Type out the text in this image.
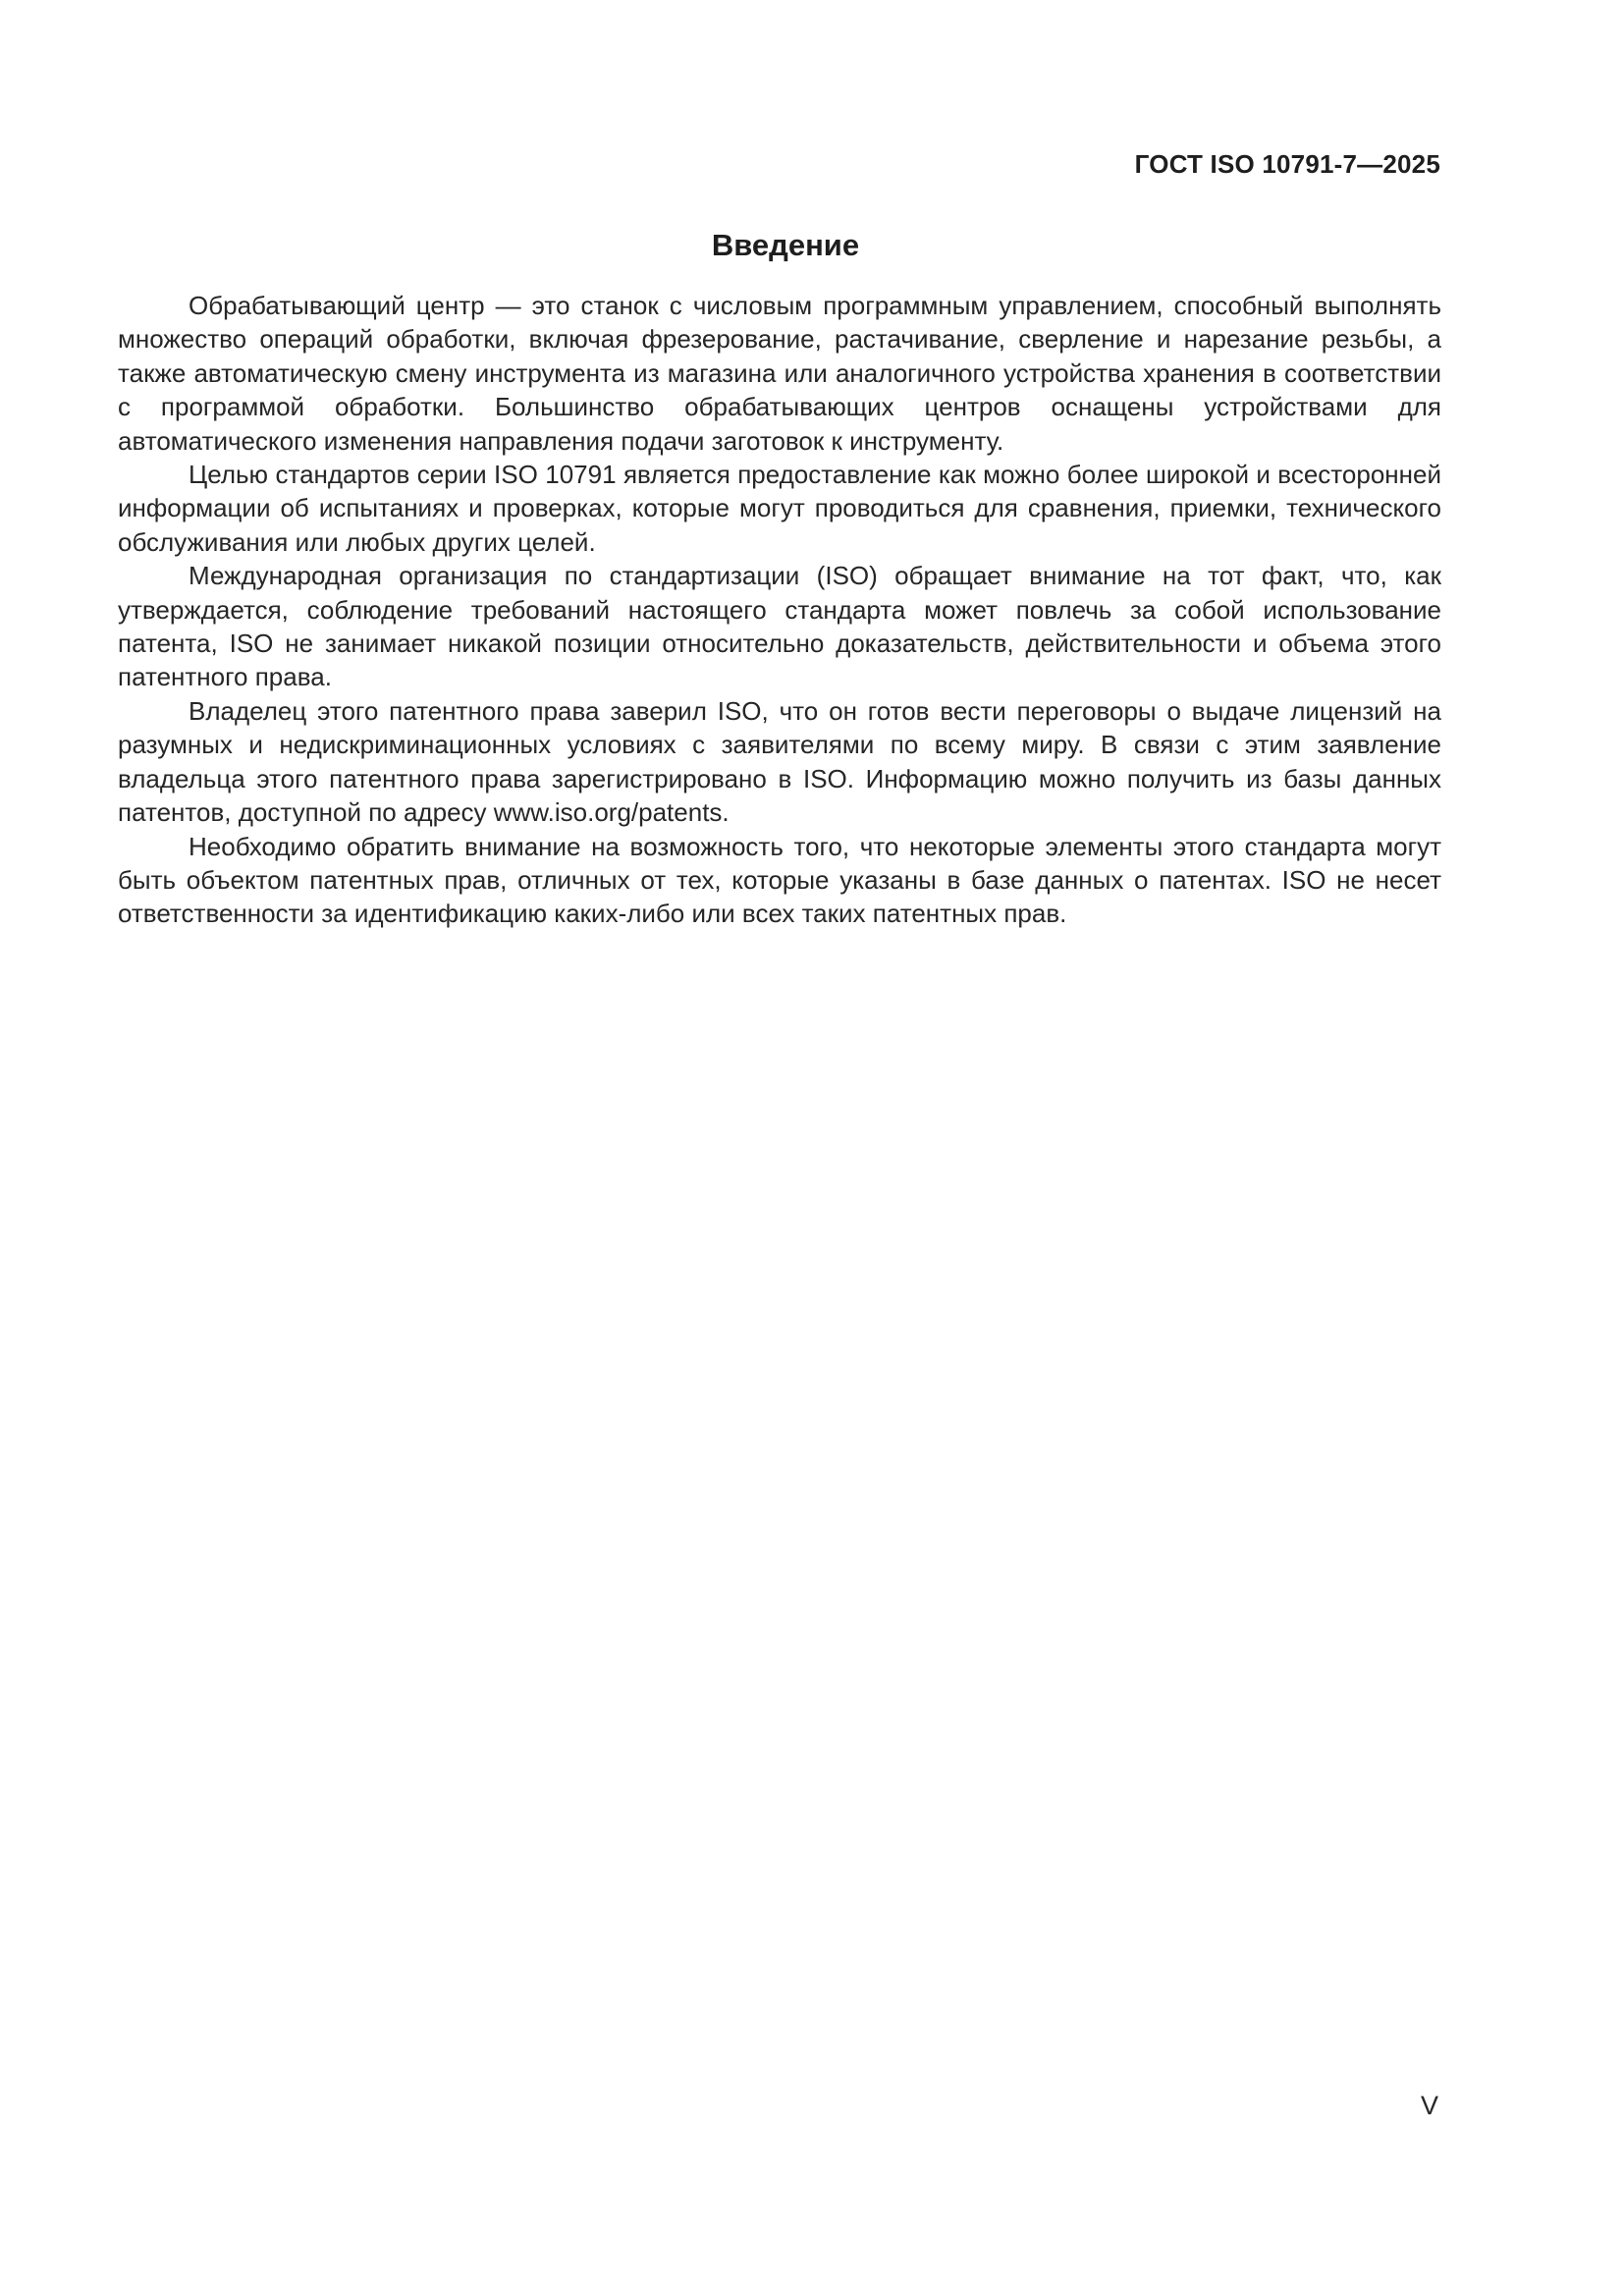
ГОСТ ISO 10791-7—2025
Введение

Обрабатывающий центр — это станок с числовым программным управлением, способный выполнять множество операций обработки, включая фрезерование, растачивание, сверление и нарезание резьбы, а также автоматическую смену инструмента из магазина или аналогичного устройства хранения в соответствии с программой обработки. Большинство обрабатывающих центров оснащены устройствами для автоматического изменения направления подачи заготовок к инструменту.

Целью стандартов серии ISO 10791 является предоставление как можно более широкой и всесторонней информации об испытаниях и проверках, которые могут проводиться для сравнения, приемки, технического обслуживания или любых других целей.

Международная организация по стандартизации (ISO) обращает внимание на тот факт, что, как утверждается, соблюдение требований настоящего стандарта может повлечь за собой использование патента, ISO не занимает никакой позиции относительно доказательств, действительности и объема этого патентного права.

Владелец этого патентного права заверил ISO, что он готов вести переговоры о выдаче лицензий на разумных и недискриминационных условиях с заявителями по всему миру. В связи с этим заявление владельца этого патентного права зарегистрировано в ISO. Информацию можно получить из базы данных патентов, доступной по адресу www.iso.org/patents.

Необходимо обратить внимание на возможность того, что некоторые элементы этого стандарта могут быть объектом патентных прав, отличных от тех, которые указаны в базе данных о патентах. ISO не несет ответственности за идентификацию каких-либо или всех таких патентных прав.

V
